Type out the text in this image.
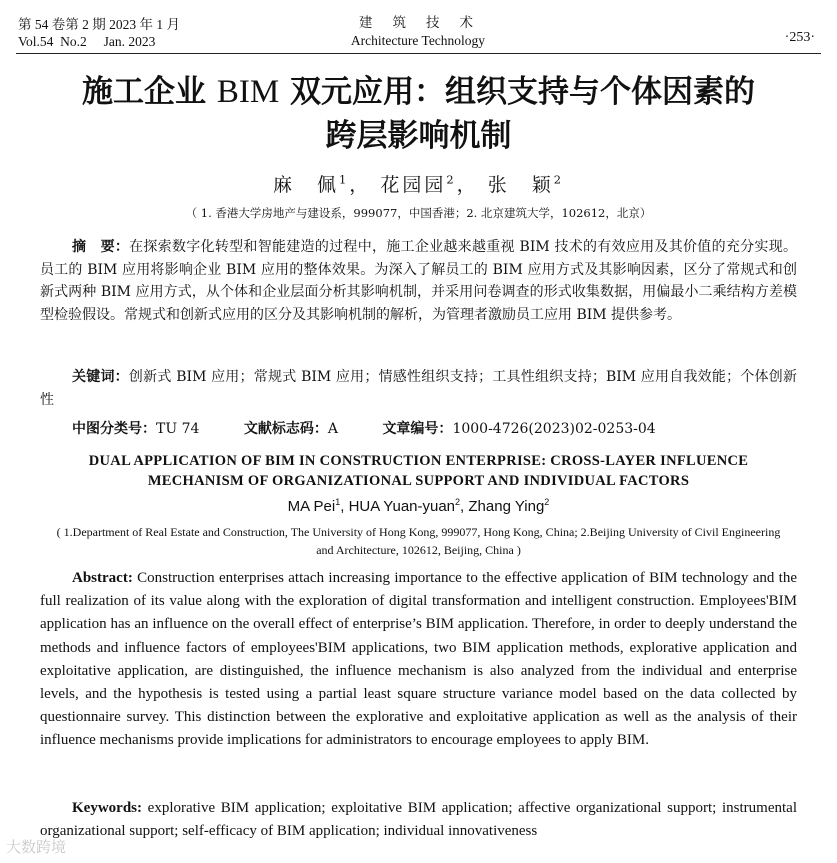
第 54 卷第 2 期 2023 年 1 月
Vol.54  No.2     Jan. 2023
建筑技术
Architecture Technology	·253·
施工企业 BIM 双元应用：组织支持与个体因素的
跨层影响机制
麻　佩$^1$， 花园园$^2$， 张　颖$^2$
（ 1. 香港大学房地产与建设系，999077，中国香港；2. 北京建筑大学，102612，北京）
摘　要：在探索数字化转型和智能建造的过程中，施工企业越来越重视 BIM 技术的有效应用及其价值的充分实现。员工的 BIM 应用将影响企业 BIM 应用的整体效果。为深入了解员工的 BIM 应用方式及其影响因素，区分了常规式和创新式两种 BIM 应用方式，从个体和企业层面分析其影响机制，并采用问卷调查的形式收集数据，用偏最小二乘结构方差模型检验假设。常规式和创新式应用的区分及其影响机制的解析，为管理者激励员工应用 BIM 提供参考。
关键词：创新式 BIM 应用；常规式 BIM 应用；情感性组织支持；工具性组织支持；BIM 应用自我效能；个体创新性
中图分类号：TU 74	文献标志码：A	文章编号：1000-4726(2023)02-0253-04
DUAL APPLICATION OF BIM IN CONSTRUCTION ENTERPRISE: CROSS-LAYER INFLUENCE
MECHANISM OF ORGANIZATIONAL SUPPORT AND INDIVIDUAL FACTORS
MA Pei$^1$, HUA Yuan-yuan$^2$, Zhang Ying$^2$
( 1.Department of Real Estate and Construction, The University of Hong Kong, 999077, Hong Kong, China; 2.Beijing University of Civil Engineering and Architecture, 102612, Beijing, China )
Abstract: Construction enterprises attach increasing importance to the effective application of BIM technology and the full realization of its value along with the exploration of digital transformation and intelligent construction. Employees'BIM application has an influence on the overall effect of enterprise’s BIM application. Therefore, in order to deeply understand the methods and influence factors of employees'BIM applications, two BIM application methods, explorative application and exploitative application, are distinguished, the influence mechanism is also analyzed from the individual and enterprise levels, and the hypothesis is tested using a partial least square structure variance model based on the data collected by questionnaire survey. This distinction between the explorative and exploitative application as well as the analysis of their influence mechanisms provide implications for administrators to encourage employees to apply BIM.
Keywords: explorative BIM application; exploitative BIM application; affective organizational support; instrumental organizational support; self-efficacy of BIM application; individual innovativeness
大数跨境
